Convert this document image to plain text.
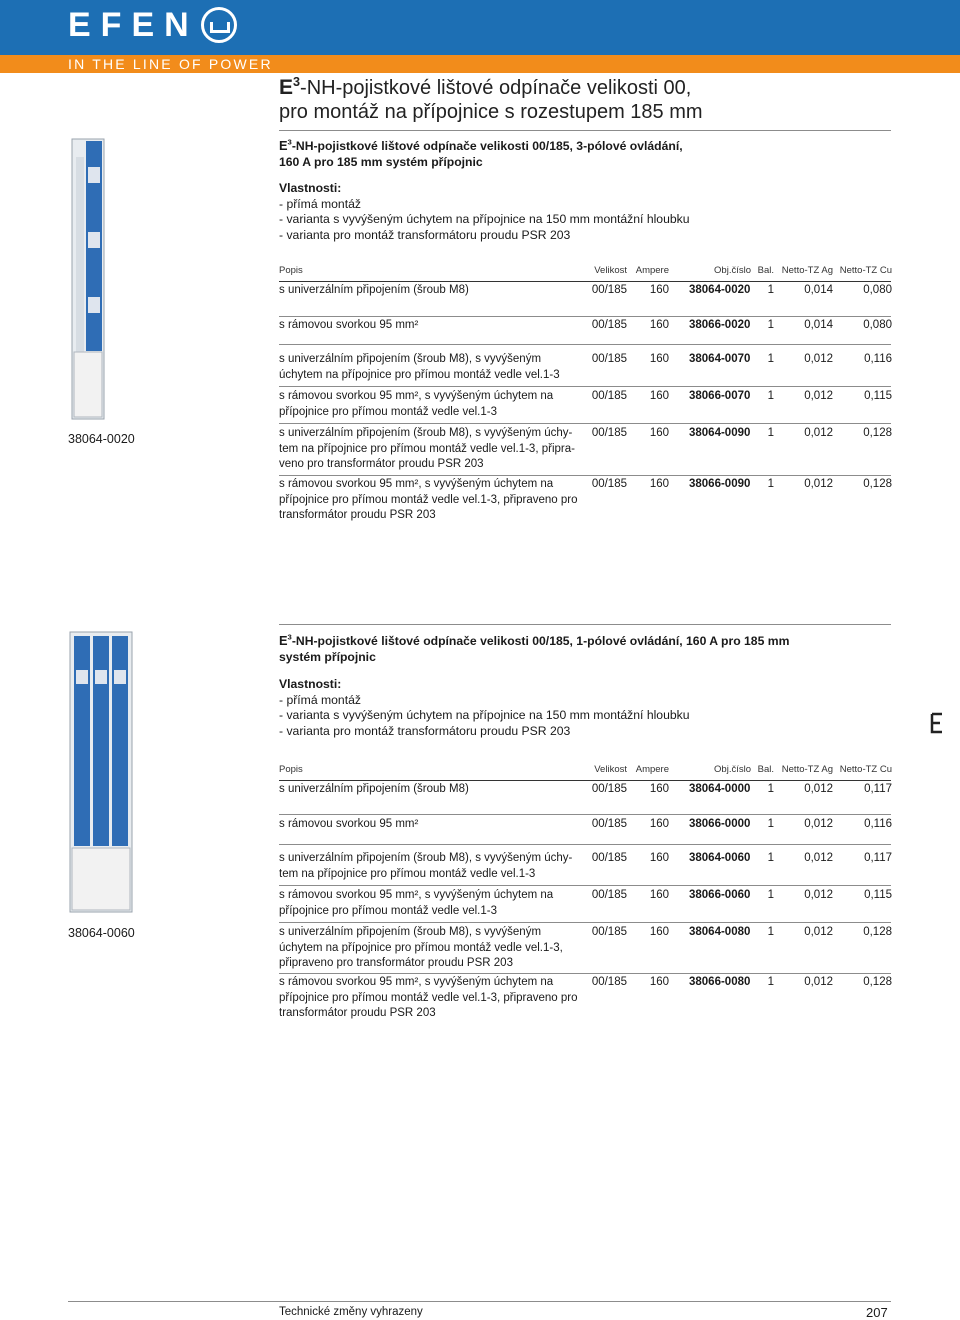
EFEN
IN THE LINE OF POWER
$E^3-NH$-pojistkové lištové odpínače velikosti 00,
pro montáž na přípojnice s rozestupem 185 mm
$E^3-NH$-pojistkové lištové odpínače velikosti 00/185, 3-pólové ovládání,
160 A pro 185 mm systém přípojnic
Vlastnosti:
- přímá montáž
- varianta s vyvýšeným úchytem na přípojnice na 150 mm montážní hloubku
- varianta pro montáž transformátoru proudu PSR 203
38064-0020
Popis	Velikost Ampere	Obj.číslo Bal. Netto-TZ Ag Netto-TZ Cu
s univerzálním připojením (šroub M8)	00/185	160 38064-0020	1	0,014	0,080
s rámovou svorkou 95 mm²	00/185	160 38066-0020	1	0,014	0,080
s univerzálním připojením (šroub M8), s vyvýšeným
úchytem na přípojnice pro přímou montáž vedle vel.1-3
00/185	160 38064-0070	1	0,012	0,116
s rámovou svorkou 95 mm², s vyvýšeným úchytem na
přípojnice pro přímou montáž vedle vel.1-3
00/185	160 38066-0070	1	0,012	0,115
s univerzálním připojením (šroub M8), s vyvýšeným úchy-
tem na přípojnice pro přímou montáž vedle vel.1-3, připra-
veno pro transformátor proudu PSR 203
00/185	160 38064-0090	1	0,012	0,128
s rámovou svorkou 95 mm², s vyvýšeným úchytem na
přípojnice pro přímou montáž vedle vel.1-3, připraveno pro
transformátor proudu PSR 203
00/185	160 38066-0090	1	0,012	0,128
$E^3-NH$-pojistkové lištové odpínače velikosti 00/185, 1-pólové ovládání, 160 A pro 185 mm
systém přípojnic
Vlastnosti:
- přímá montáž
- varianta s vyvýšeným úchytem na přípojnice na 150 mm montážní hloubku
- varianta pro montáž transformátoru proudu PSR 203
38064-0060
Popis	Velikost Ampere	Obj.číslo Bal. Netto-TZ Ag Netto-TZ Cu
s univerzálním připojením (šroub M8)	00/185	160 38064-0000	1	0,012	0,117
s rámovou svorkou 95 mm²	00/185	160 38066-0000	1	0,012	0,116
s univerzálním připojením (šroub M8), s vyvýšeným úchy-
tem na přípojnice pro přímou montáž vedle vel.1-3
00/185	160 38064-0060	1	0,012	0,117
s rámovou svorkou 95 mm², s vyvýšeným úchytem na
přípojnice pro přímou montáž vedle vel.1-3
00/185	160 38066-0060	1	0,012	0,115
s univerzálním připojením (šroub M8), s vyvýšeným
úchytem na přípojnice pro přímou montáž vedle vel.1-3,
připraveno pro transformátor proudu PSR 203
00/185	160 38064-0080	1	0,012	0,128
s rámovou svorkou 95 mm², s vyvýšeným úchytem na
přípojnice pro přímou montáž vedle vel.1-3, připraveno pro
transformátor proudu PSR 203
00/185	160 38066-0080	1	0,012	0,128
Technické změny vyhrazeny	207
